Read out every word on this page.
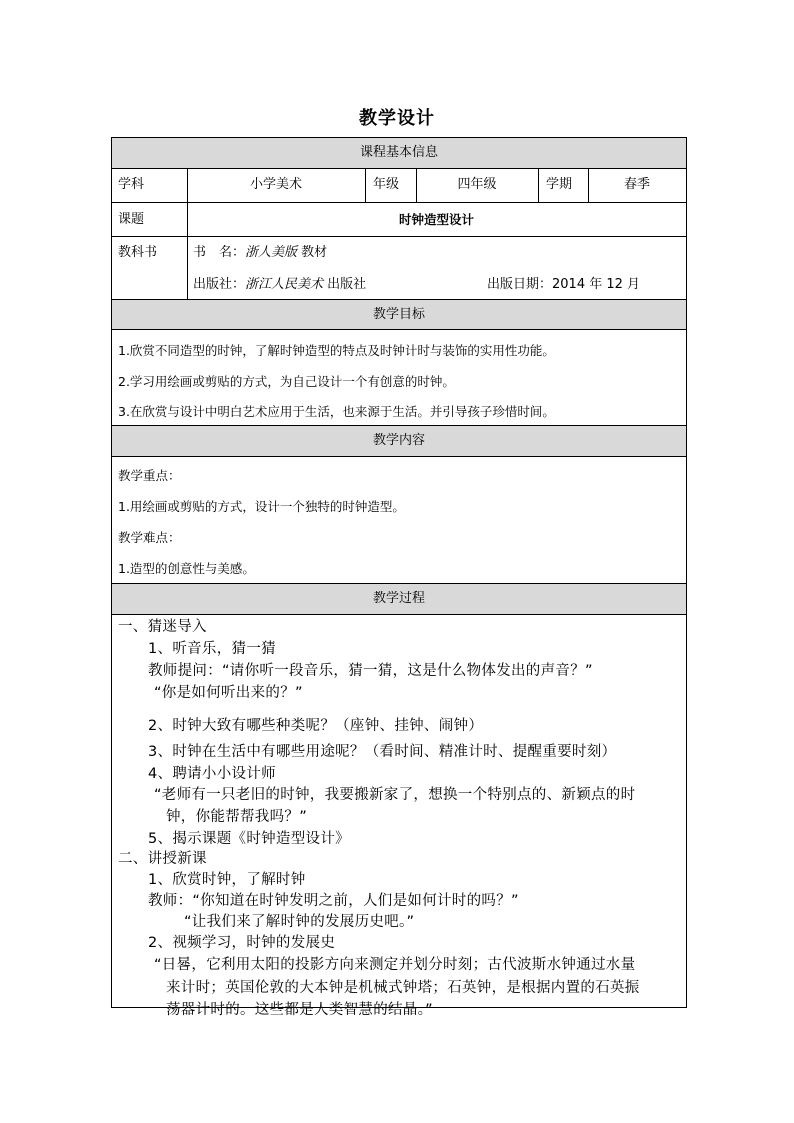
教学设计
课程基本信息
学科	小学美术	年级	四年级	学期	春季
课题	时钟造型设计
教科书	书　名：浙人美版 教材
出版社：浙江人民美术 出版社	出版日期：2014 年 12 月
教学目标
1.欣赏不同造型的时钟，了解时钟造型的特点及时钟计时与装饰的实用性功能。
2.学习用绘画或剪贴的方式，为自己设计一个有创意的时钟。
3.在欣赏与设计中明白艺术应用于生活，也来源于生活。并引导孩子珍惜时间。
教学内容
教学重点：
1.用绘画或剪贴的方式，设计一个独特的时钟造型。
教学难点：
1.造型的创意性与美感。
教学过程
一、猜迷导入
1、听音乐，猜一猜
教师提问：“请你听一段音乐，猜一猜，这是什么物体发出的声音？”
“你是如何听出来的？”
2、时钟大致有哪些种类呢？（座钟、挂钟、闹钟）
3、时钟在生活中有哪些用途呢？（看时间、精准计时、提醒重要时刻）
4、聘请小小设计师
“老师有一只老旧的时钟，我要搬新家了，想换一个特别点的、新颖点的时
钟，你能帮帮我吗？”
5、揭示课题《时钟造型设计》
二、讲授新课
1、欣赏时钟，了解时钟
教师：“你知道在时钟发明之前，人们是如何计时的吗？”
“让我们来了解时钟的发展历史吧。”
2、视频学习，时钟的发展史
“日晷，它利用太阳的投影方向来测定并划分时刻；古代波斯水钟通过水量
来计时；英国伦敦的大本钟是机械式钟塔；石英钟，是根据内置的石英振
荡器计时的。这些都是人类智慧的结晶。”
